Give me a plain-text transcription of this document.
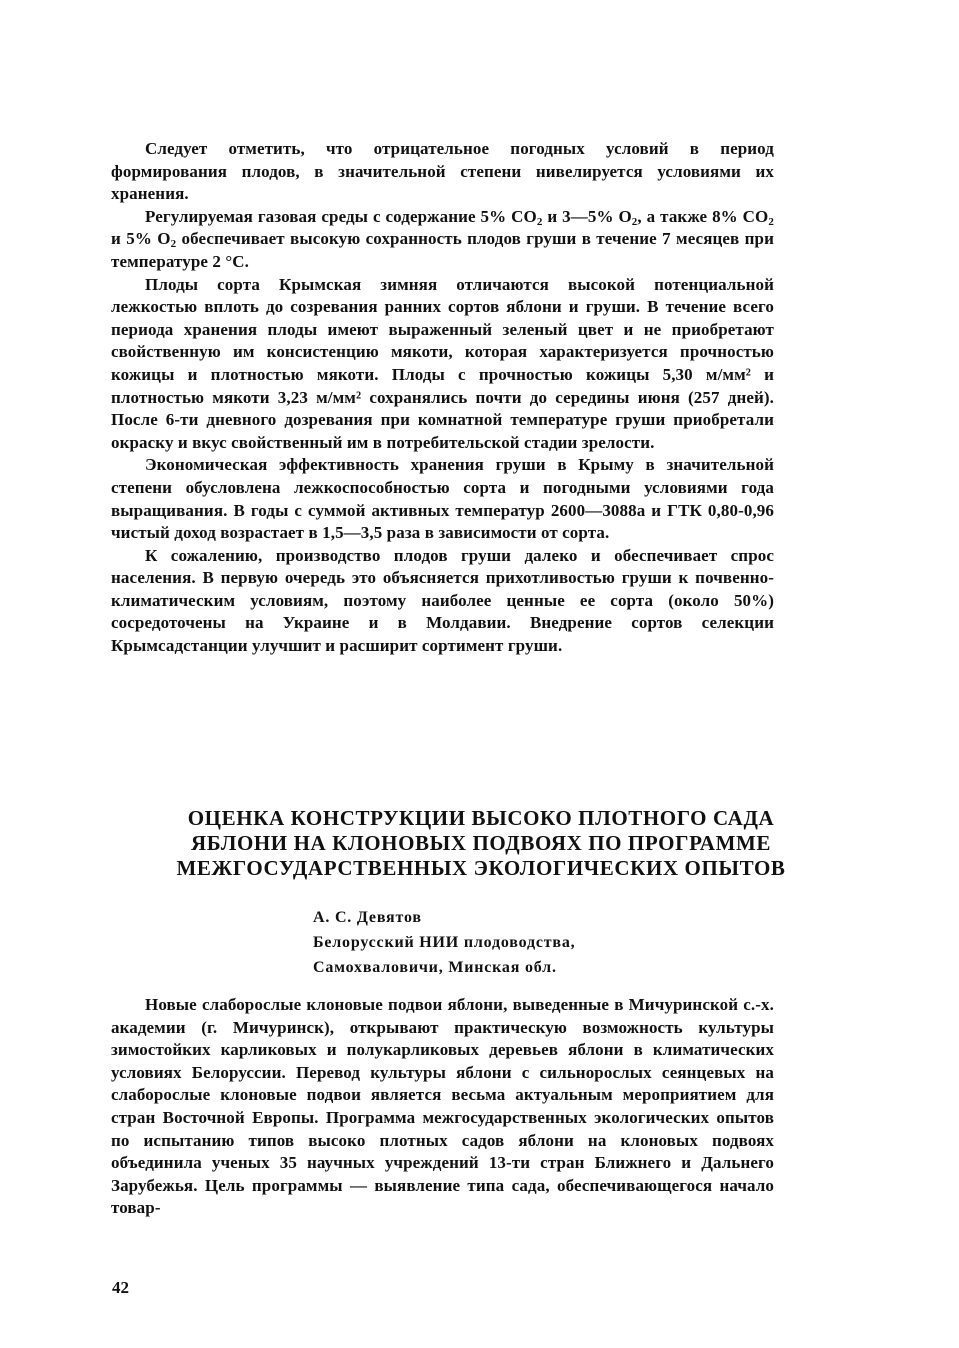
Следует отметить, что отрицательное погодных условий в период формирования плодов, в значительной степени нивелируется условиями их хранения.

Регулируемая газовая среды с содержание 5% $CO_2$ и 3—5% $O_2$, а также 8% $CO_2$ и 5% $O_2$ обеспечивает высокую сохранность плодов груши в течение 7 месяцев при температуре 2 °С.

Плоды сорта Крымская зимняя отличаются высокой потенциальной лежкостью вплоть до созревания ранних сортов яблони и груши. В течение всего периода хранения плоды имеют выраженный зеленый цвет и не приобретают свойственную им консистенцию мякоти, которая характеризуется прочностью кожицы и плотностью мякоти. Плоды с прочностью кожицы 5,30 м/мм² и плотностью мякоти 3,23 м/мм² сохранялись почти до середины июня (257 дней). После 6-ти дневного дозревания при комнатной температуре груши приобретали окраску и вкус свойственный им в потребительской стадии зрелости.

Экономическая эффективность хранения груши в Крыму в значительной степени обусловлена лежкоспособностью сорта и погодными условиями года выращивания. В годы с суммой активных температур 2600—3088а и ГТК 0,80-0,96 чистый доход возрастает в 1,5—3,5 раза в зависимости от сорта.

К сожалению, производство плодов груши далеко и обеспечивает спрос населения. В первую очередь это объясняется прихотливостью груши к почвенно-климатическим условиям, поэтому наиболее ценные ее сорта (около 50%) сосредоточены на Украине и в Молдавии. Внедрение сортов селекции Крымсадстанции улучшит и расширит сортимент груши.

ОЦЕНКА КОНСТРУКЦИИ ВЫСОКО ПЛОТНОГО САДА
ЯБЛОНИ НА КЛОНОВЫХ ПОДВОЯХ ПО ПРОГРАММЕ
МЕЖГОСУДАРСТВЕННЫХ ЭКОЛОГИЧЕСКИХ ОПЫТОВ
А. С. Девятов
Белорусский НИИ плодоводства,
Самохваловичи, Минская обл.

Новые слаборослые клоновые подвои яблони, выведенные в Мичуринской с.-х. академии (г. Мичуринск), открывают практическую возможность культуры зимостойких карликовых и полукарликовых деревьев яблони в климатических условиях Белоруссии. Перевод культуры яблони с сильнорослых сеянцевых на слаборослые клоновые подвои является весьма актуальным мероприятием для стран Восточной Европы. Программа межгосударственных экологических опытов по испытанию типов высоко плотных садов яблони на клоновых подвоях объединила ученых 35 научных учреждений 13-ти стран Ближнего и Дальнего Зарубежья. Цель программы — выявление типа сада, обеспечивающегося начало товар-

42
